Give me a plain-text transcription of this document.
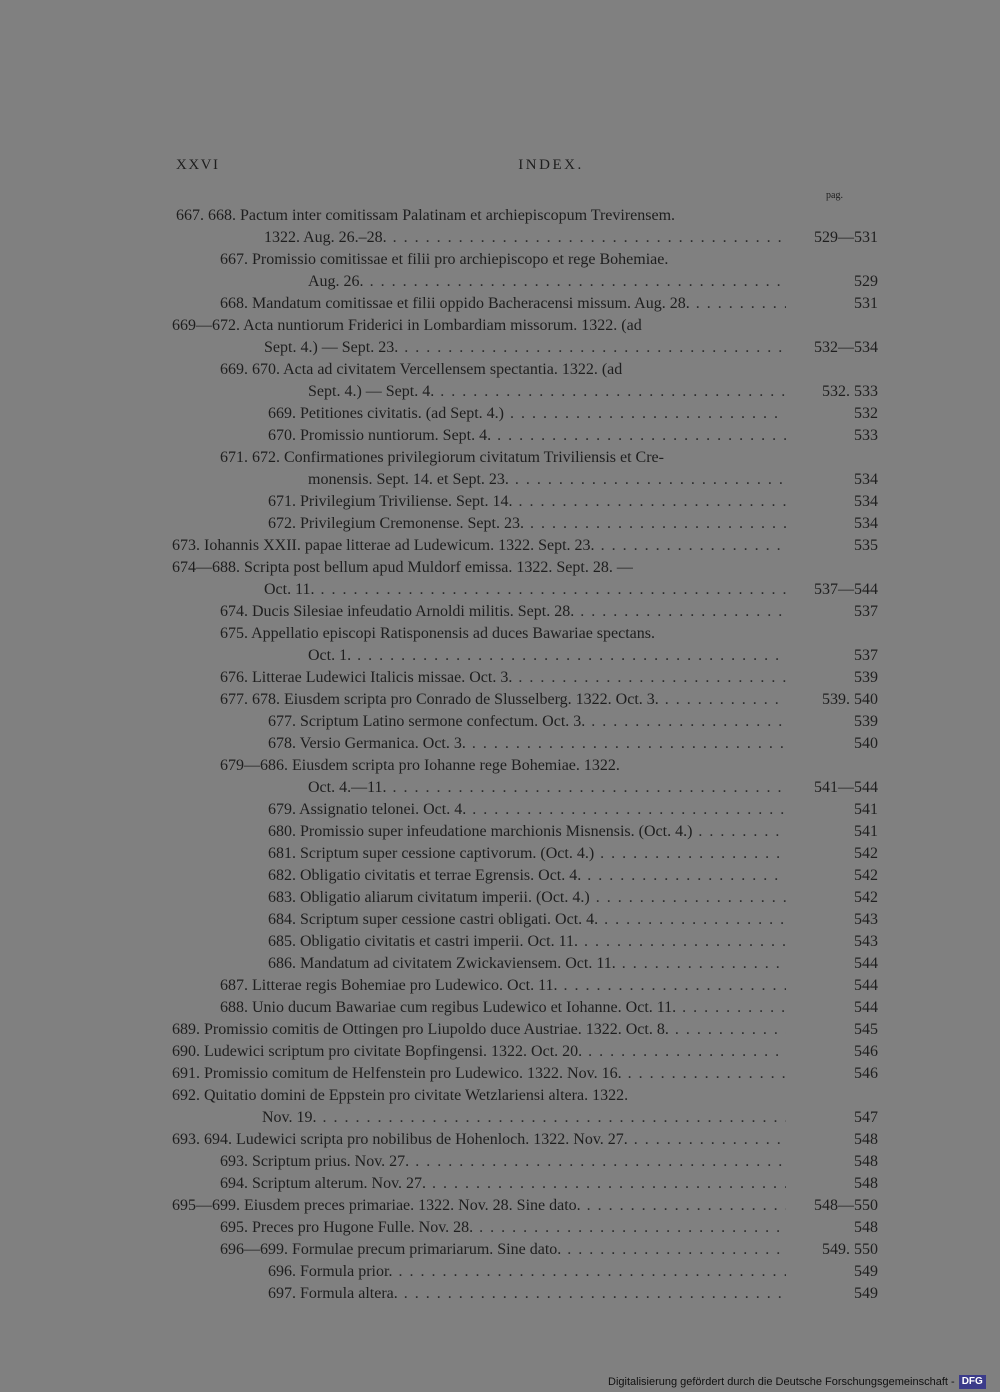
XXVI	INDEX.
pag.
667. 668. Pactum inter comitissam Palatinam et archiepiscopum Trevirensem.
1322. Aug. 26.–28. .....	529—531
667. Promissio comitissae et filii pro archiepiscopo et rege Bohemiae.
Aug. 26. .....	529
668. Mandatum comitissae et filii oppido Bacheracensi missum. Aug. 28. .....	531
669—672. Acta nuntiorum Friderici in Lombardiam missorum. 1322. (ad
Sept. 4.) — Sept. 23. .....	532—534
669. 670. Acta ad civitatem Vercellensem spectantia. 1322. (ad
Sept. 4.) — Sept. 4. .....	532. 533
669. Petitiones civitatis. (ad Sept. 4.) .....	532
670. Promissio nuntiorum. Sept. 4. .....	533
671. 672. Confirmationes privilegiorum civitatum Triviliensis et Cre-
monensis. Sept. 14. et Sept. 23. .....	534
671. Privilegium Triviliense. Sept. 14. .....	534
672. Privilegium Cremonense. Sept. 23. .....	534
673. Iohannis XXII. papae litterae ad Ludewicum. 1322. Sept. 23. .....	535
674—688. Scripta post bellum apud Muldorf emissa. 1322. Sept. 28. —
Oct. 11. .....	537—544
674. Ducis Silesiae infeudatio Arnoldi militis. Sept. 28. .....	537
675. Appellatio episcopi Ratisponensis ad duces Bawariae spectans.
Oct. 1. .....	537
676. Litterae Ludewici Italicis missae. Oct. 3. .....	539
677. 678. Eiusdem scripta pro Conrado de Slusselberg. 1322. Oct. 3. .....	539. 540
677. Scriptum Latino sermone confectum. Oct. 3. .....	539
678. Versio Germanica. Oct. 3. .....	540
679—686. Eiusdem scripta pro Iohanne rege Bohemiae. 1322.
Oct. 4.—11. .....	541—544
679. Assignatio telonei. Oct. 4. .....	541
680. Promissio super infeudatione marchionis Misnensis. (Oct. 4.) .....	541
681. Scriptum super cessione captivorum. (Oct. 4.) .....	542
682. Obligatio civitatis et terrae Egrensis. Oct. 4. .....	542
683. Obligatio aliarum civitatum imperii. (Oct. 4.) .....	542
684. Scriptum super cessione castri obligati. Oct. 4. .....	543
685. Obligatio civitatis et castri imperii. Oct. 11. .....	543
686. Mandatum ad civitatem Zwickaviensem. Oct. 11. .....	544
687. Litterae regis Bohemiae pro Ludewico. Oct. 11. .....	544
688. Unio ducum Bawariae cum regibus Ludewico et Iohanne. Oct. 11. .....	544
689. Promissio comitis de Ottingen pro Liupoldo duce Austriae. 1322. Oct. 8. .....	545
690. Ludewici scriptum pro civitate Bopfingensi. 1322. Oct. 20. .....	546
691. Promissio comitum de Helfenstein pro Ludewico. 1322. Nov. 16. .....	546
692. Quitatio domini de Eppstein pro civitate Wetzlariensi altera. 1322.
Nov. 19. .....	547
693. 694. Ludewici scripta pro nobilibus de Hohenloch. 1322. Nov. 27. .....	548
693. Scriptum prius. Nov. 27. .....	548
694. Scriptum alterum. Nov. 27. .....	548
695—699. Eiusdem preces primariae. 1322. Nov. 28. Sine dato. .....	548—550
695. Preces pro Hugone Fulle. Nov. 28. .....	548
696—699. Formulae precum primariarum. Sine dato. .....	549. 550
696. Formula prior. .....	549
697. Formula altera. .....	549
Digitalisierung gefördert durch die Deutsche Forschungsgemeinschaft - DFG
